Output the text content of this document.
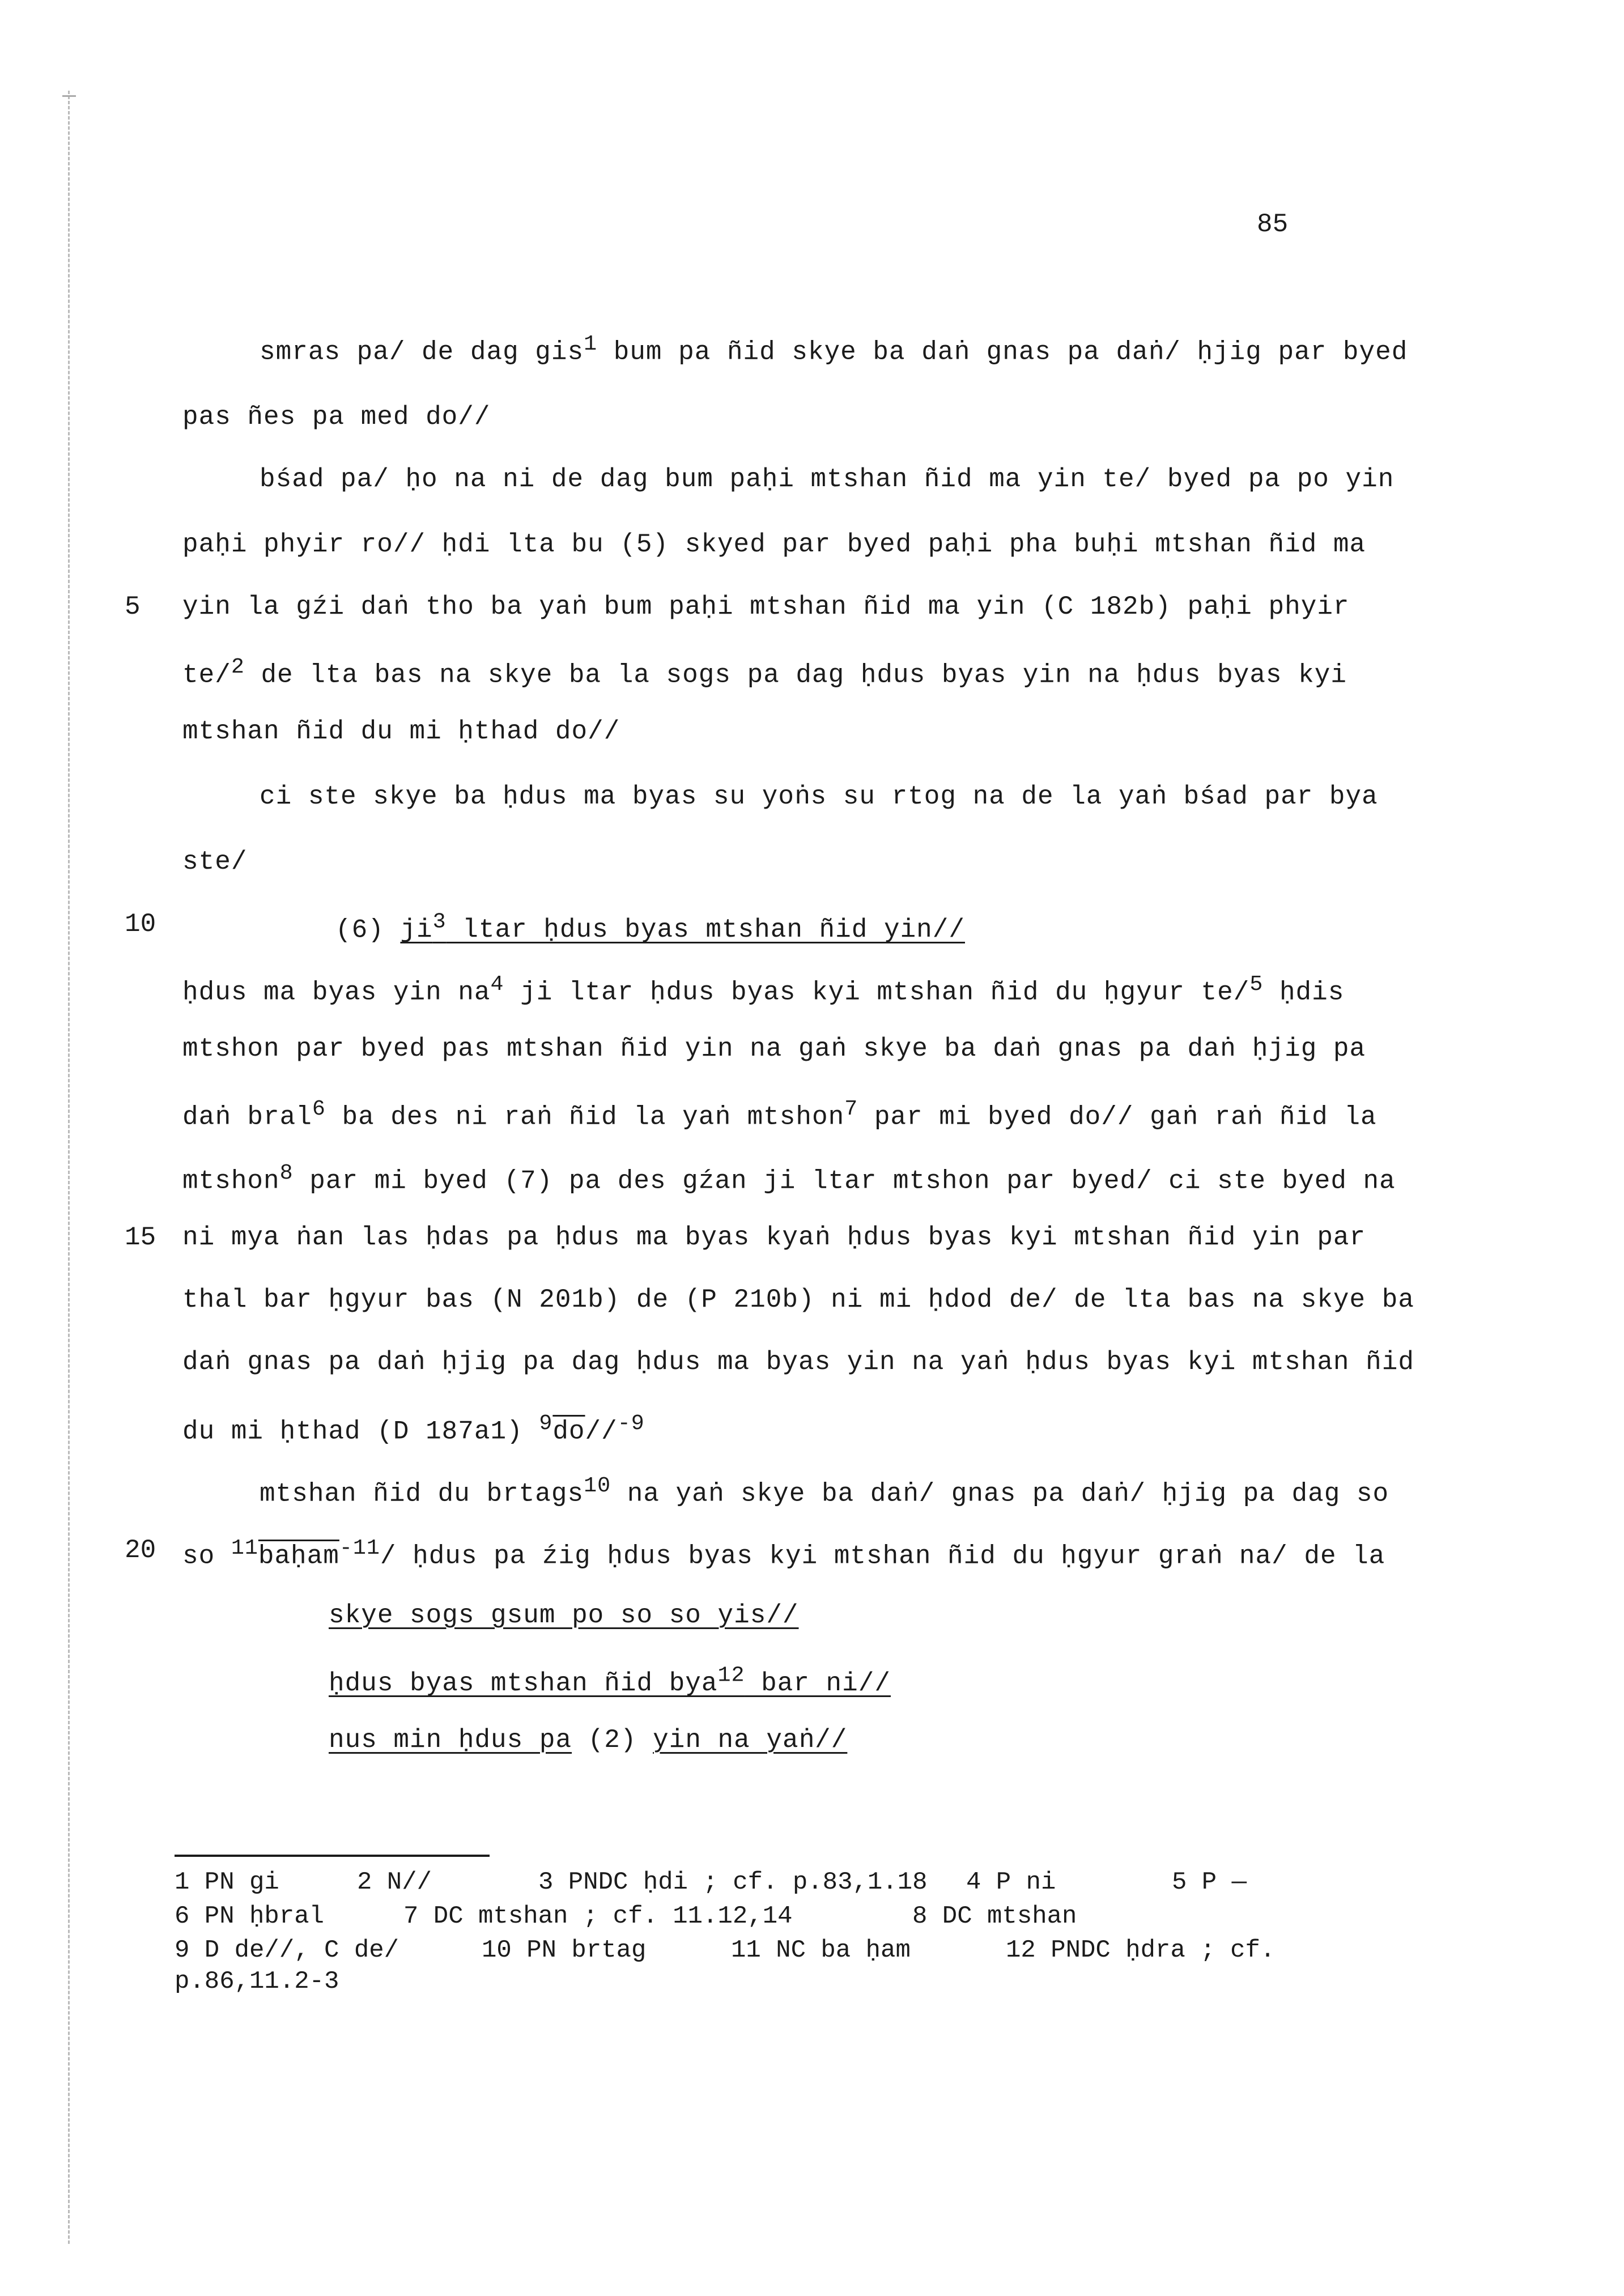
85
smras pa/ de dag gis$^1$ bum pa ñid skye ba daṅ gnas pa daṅ/ ḥjig par byed
pas ñes pa med do//
bśad pa/ ḥo na ni de dag bum paḥi mtshan ñid ma yin te/ byed pa po yin
paḥi phyir ro// ḥdi lta bu (5) skyed par byed paḥi pha buḥi mtshan ñid ma
5 yin la gźi daṅ tho ba yaṅ bum paḥi mtshan ñid ma yin (C 182b) paḥi phyir
te/$^2$ de lta bas na skye ba la sogs pa dag ḥdus byas yin na ḥdus byas kyi
mtshan ñid du mi ḥthad do//
ci ste skye ba ḥdus ma byas su yoṅs su rtog na de la yaṅ bśad par bya
ste/
10	(6) $ji^3$ ltar ḥdus byas mtshan ñid yin//
ḥdus ma byas yin $na^4$ ji ltar ḥdus byas kyi mtshan ñid du ḥgyur te/$^5$ ḥdis
mtshon par byed pas mtshan ñid yin na gaṅ skye ba daṅ gnas pa daṅ ḥjig pa
daṅ bral$^6$ ba des ni raṅ ñid la yaṅ mtshon$^7$ par mi byed do// gaṅ raṅ ñid la
mtshon$^8$ par mi byed (7) pa des gźan ji ltar mtshon par byed/ ci ste byed na
15 ni mya ṅan las ḥdas pa ḥdus ma byas kyaṅ ḥdus byas kyi mtshan ñid yin par
thal bar ḥgyur bas (N 201b) de (P 210b) ni mi ḥdod de/ de lta bas na skye ba
daṅ gnas pa daṅ ḥjig pa dag ḥdus ma byas yin na yaṅ ḥdus byas kyi mtshan ñid
du mi ḥthad (D 187a1) $^9\overline{do}//^{-9}$
mtshan ñid du brtags$^{10}$ na yaṅ skye ba daṅ/ gnas pa daṅ/ ḥjig pa dag so
20 so $^{11}$baḥam$^{-11}$/ ḥdus pa źig ḥdus byas kyi mtshan ñid du ḥgyur graṅ na/ de la
skye sogs gsum po so so yis//
ḥdus byas mtshan ñid bya$^{12}$ bar ni//
nus min ḥdus pa (2) yin na yaṅ//
1 PN gi	2 N//	3 PNDC ḥdi ; cf. p.83,1.18 4 P ni	5 P —
6 PN ḥbral	7 DC mtshan ; cf. 11.12,14	8 DC mtshan
9 D de//, C de/	10 PN brtag	11 NC ba ḥam	12 PNDC ḥdra ; cf.
p.86,11.2-3
